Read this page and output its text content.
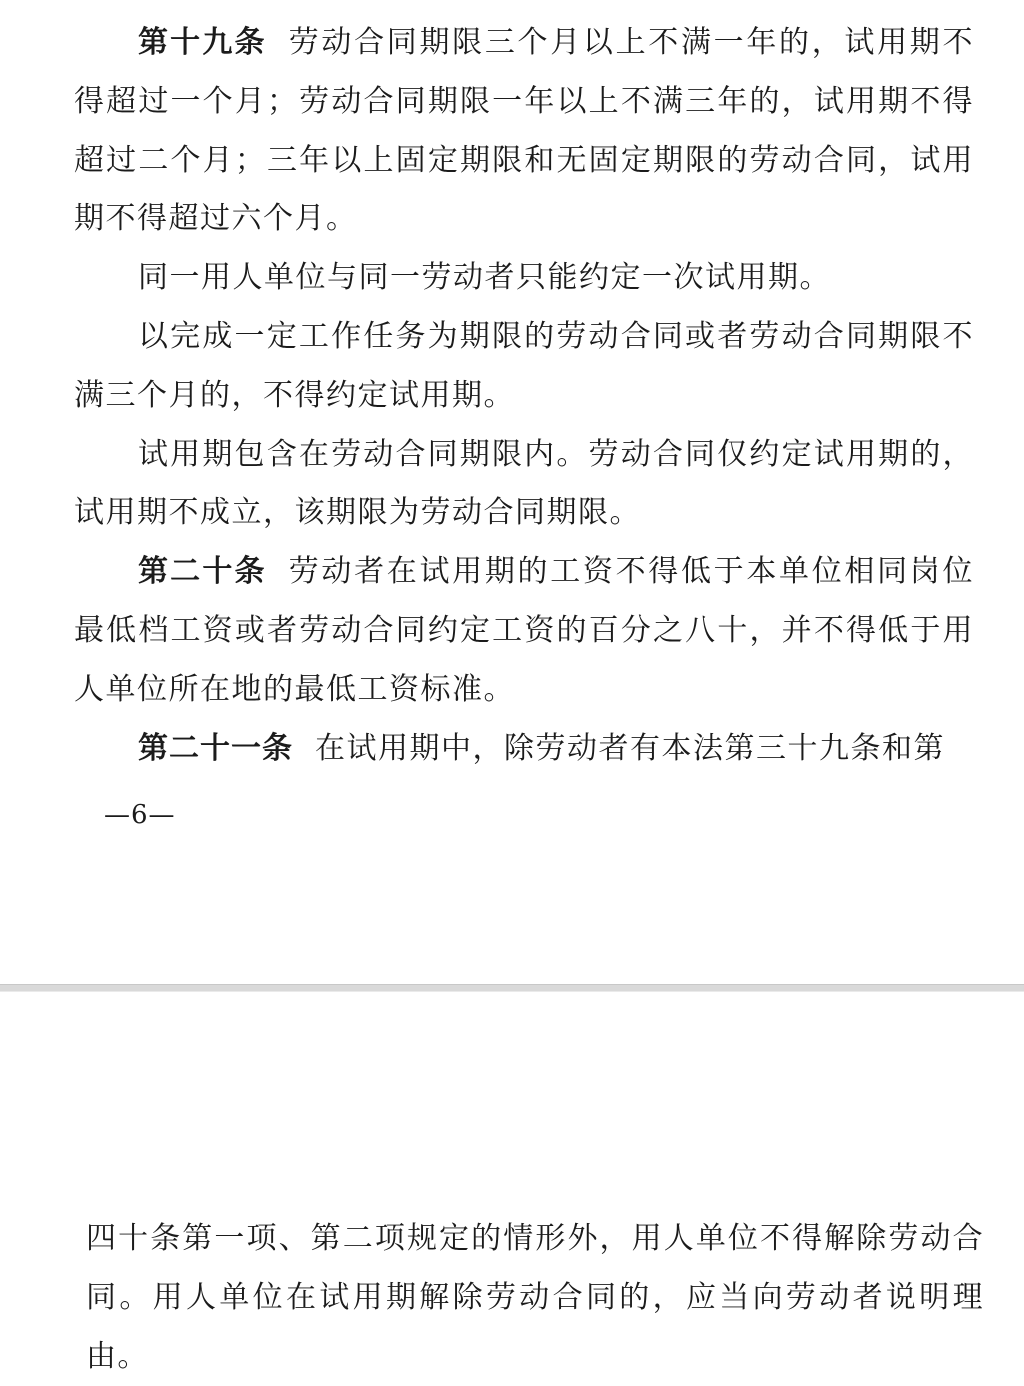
第十九条 劳动合同期限三个月以上不满一年的，试用期不得超过一个月；劳动合同期限一年以上不满三年的，试用期不得超过二个月；三年以上固定期限和无固定期限的劳动合同，试用期不得超过六个月。

同一用人单位与同一劳动者只能约定一次试用期。

以完成一定工作任务为期限的劳动合同或者劳动合同期限不满三个月的，不得约定试用期。

试用期包含在劳动合同期限内。劳动合同仅约定试用期的，试用期不成立，该期限为劳动合同期限。

第二十条 劳动者在试用期的工资不得低于本单位相同岗位最低档工资或者劳动合同约定工资的百分之八十，并不得低于用人单位所在地的最低工资标准。

第二十一条 在试用期中，除劳动者有本法第三十九条和第

—6—

四十条第一项、第二项规定的情形外，用人单位不得解除劳动合同。用人单位在试用期解除劳动合同的，应当向劳动者说明理由。
